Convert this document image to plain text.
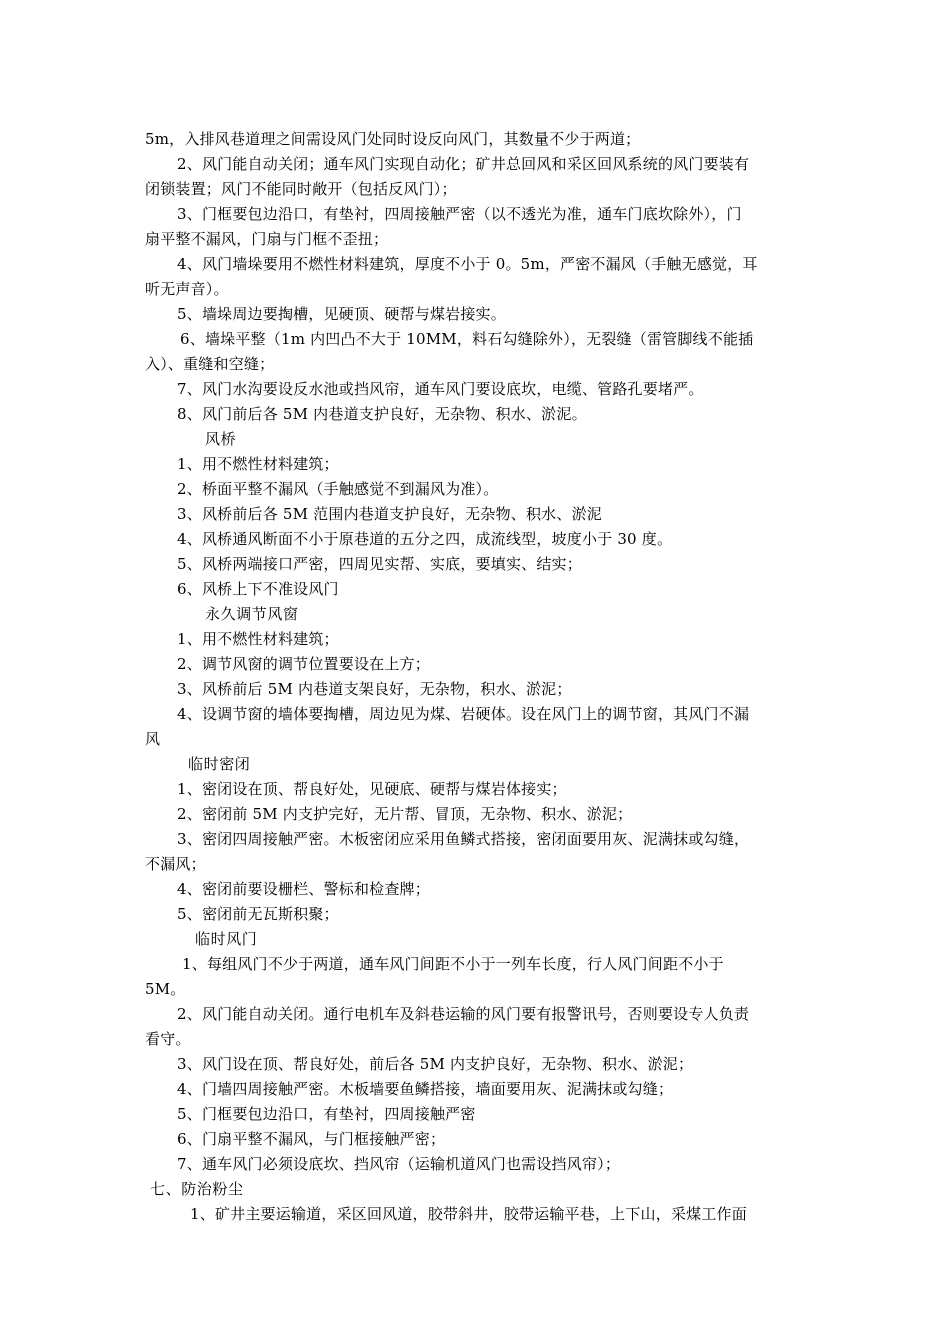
5m，入排风巷道理之间需设风门处同时设反向风门，其数量不少于两道；
2、风门能自动关闭；通车风门实现自动化；矿井总回风和采区回风系统的风门要装有
闭锁装置；风门不能同时敞开（包括反风门）；
3、门框要包边沿口，有垫衬，四周接触严密（以不透光为准，通车门底坎除外），门
扇平整不漏风，门扇与门框不歪扭；
4、风门墙垛要用不燃性材料建筑，厚度不小于 0。5m，严密不漏风（手触无感觉，耳
听无声音）。
5、墙垛周边要掏槽，见硬顶、硬帮与煤岩接实。
6、墙垛平整（1m 内凹凸不大于 10MM，料石勾缝除外），无裂缝（雷管脚线不能插
入）、重缝和空缝；
7、风门水沟要设反水池或挡风帘，通车风门要设底坎，电缆、管路孔要堵严。
8、风门前后各 5M 内巷道支护良好，无杂物、积水、淤泥。
风桥
1、用不燃性材料建筑；
2、桥面平整不漏风（手触感觉不到漏风为准）。
3、风桥前后各 5M 范围内巷道支护良好，无杂物、积水、淤泥
4、风桥通风断面不小于原巷道的五分之四，成流线型，坡度小于 30 度。
5、风桥两端接口严密，四周见实帮、实底，要填实、结实；
6、风桥上下不准设风门
永久调节风窗
1、用不燃性材料建筑；
2、调节风窗的调节位置要设在上方；
3、风桥前后 5M 内巷道支架良好，无杂物，积水、淤泥；
4、设调节窗的墙体要掏槽，周边见为煤、岩硬体。设在风门上的调节窗，其风门不漏
风
临时密闭
1、密闭设在顶、帮良好处，见硬底、硬帮与煤岩体接实；
2、密闭前 5M 内支护完好，无片帮、冒顶，无杂物、积水、淤泥；
3、密闭四周接触严密。木板密闭应采用鱼鳞式搭接，密闭面要用灰、泥满抹或勾缝，
不漏风；
4、密闭前要设栅栏、警标和检查牌；
5、密闭前无瓦斯积聚；
临时风门
1、每组风门不少于两道，通车风门间距不小于一列车长度，行人风门间距不小于
5M。
2、风门能自动关闭。通行电机车及斜巷运输的风门要有报警讯号，否则要设专人负责
看守。
3、风门设在顶、帮良好处，前后各 5M 内支护良好，无杂物、积水、淤泥；
4、门墙四周接触严密。木板墙要鱼鳞搭接，墙面要用灰、泥满抹或勾缝；
5、门框要包边沿口，有垫衬，四周接触严密
6、门扇平整不漏风，与门框接触严密；
7、通车风门必须设底坎、挡风帘（运输机道风门也需设挡风帘）；
七、防治粉尘
1、矿井主要运输道，采区回风道，胶带斜井，胶带运输平巷，上下山，采煤工作面
